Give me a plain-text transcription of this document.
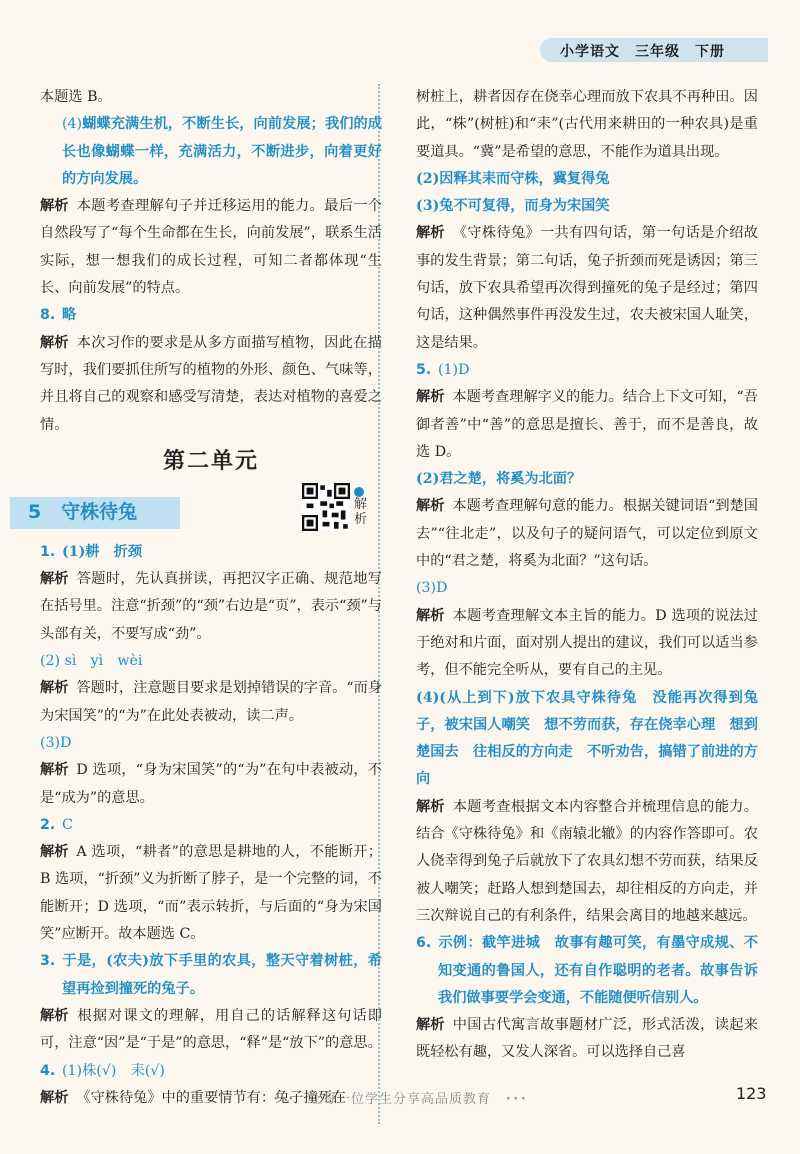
小学语文　 三年级　 下册

本题选 B。

(4)蝴蝶充满生机，不断生长，向前发展；我们的成长也像蝴蝶一样，充满活力，不断进步，向着更好的方向发展。

解析 本题考查理解句子并迁移运用的能力。最后一个自然段写了“每个生命都在生长，向前发展”，联系生活实际，想一想我们的成长过程，可知二者都体现“生长、向前发展”的特点。

8. 略

解析 本次习作的要求是从多方面描写植物，因此在描写时，我们要抓住所写的植物的外形、颜色、气味等，并且将自己的观察和感受写清楚，表达对植物的喜爱之情。

第二单元
5 守株待兔	解析

1. (1)耕　折颈

解析 答题时，先认真拼读，再把汉字正确、规范地写在括号里。注意“折颈”的“颈”右边是“页”，表示“颈”与头部有关，不要写成“劲”。

(2) sì　yì　wèi

解析 答题时，注意题目要求是划掉错误的字音。“而身为宋国笑”的“为”在此处表被动，读二声。

(3)D

解析 D 选项，“身为宋国笑”的“为”在句中表被动，不是“成为”的意思。

2. C

解析 A 选项，“耕者”的意思是耕地的人，不能断开；B 选项，“折颈”义为折断了脖子，是一个完整的词，不能断开；D 选项，“而”表示转折，与后面的“身为宋国笑”应断开。故本题选 C。

3. 于是，(农夫)放下手里的农具，整天守着树桩，希望再捡到撞死的兔子。

解析 根据对课文的理解，用自己的话解释这句话即可，注意“因”是“于是”的意思，“释”是“放下”的意思。

4. (1)株(√)　耒(√)

解析 《守株待兔》中的重要情节有：兔子撞死在

树桩上，耕者因存在侥幸心理而放下农具不再种田。因此，“株”(树桩)和“耒”(古代用来耕田的一种农具)是重要道具。“冀”是希望的意思，不能作为道具出现。

(2)因释其耒而守株，冀复得兔

(3)兔不可复得，而身为宋国笑

解析 《守株待兔》一共有四句话，第一句话是介绍故事的发生背景；第二句话，兔子折颈而死是诱因；第三句话，放下农具希望再次得到撞死的兔子是经过；第四句话，这种偶然事件再没发生过，农夫被宋国人耻笑，这是结果。

5. (1)D

解析 本题考查理解字义的能力。结合上下文可知，“吾御者善”中“善”的意思是擅长、善于，而不是善良，故选 D。

(2)君之楚，将奚为北面？

解析 本题考查理解句意的能力。根据关键词语“到楚国去”“往北走”，以及句子的疑问语气，可以定位到原文中的“君之楚，将奚为北面？”这句话。

(3)D

解析 本题考查理解文本主旨的能力。D 选项的说法过于绝对和片面，面对别人提出的建议，我们可以适当参考，但不能完全听从，要有自己的主见。

(4)(从上到下)放下农具守株待兔　没能再次得到兔子，被宋国人嘲笑　想不劳而获，存在侥幸心理　想到楚国去　往相反的方向走　不听劝告，搞错了前进的方向

解析 本题考查根据文本内容整合并梳理信息的能力。结合《守株待兔》和《南辕北辙》的内容作答即可。农人侥幸得到兔子后就放下了农具幻想不劳而获，结果反被人嘲笑；赶路人想到楚国去，却往相反的方向走，并三次辩说自己的有利条件，结果会离目的地越来越远。

6. 示例：截竿进城　故事有趣可笑，有墨守成规、不知变通的鲁国人，还有自作聪明的老者。故事告诉我们做事要学会变通，不能随便听信别人。

解析 中国古代寓言故事题材广泛，形式活泼，读起来既轻松有趣，又发人深省。可以选择自己喜

･･･　让每一位学生分享高品质教育　･･･	123
